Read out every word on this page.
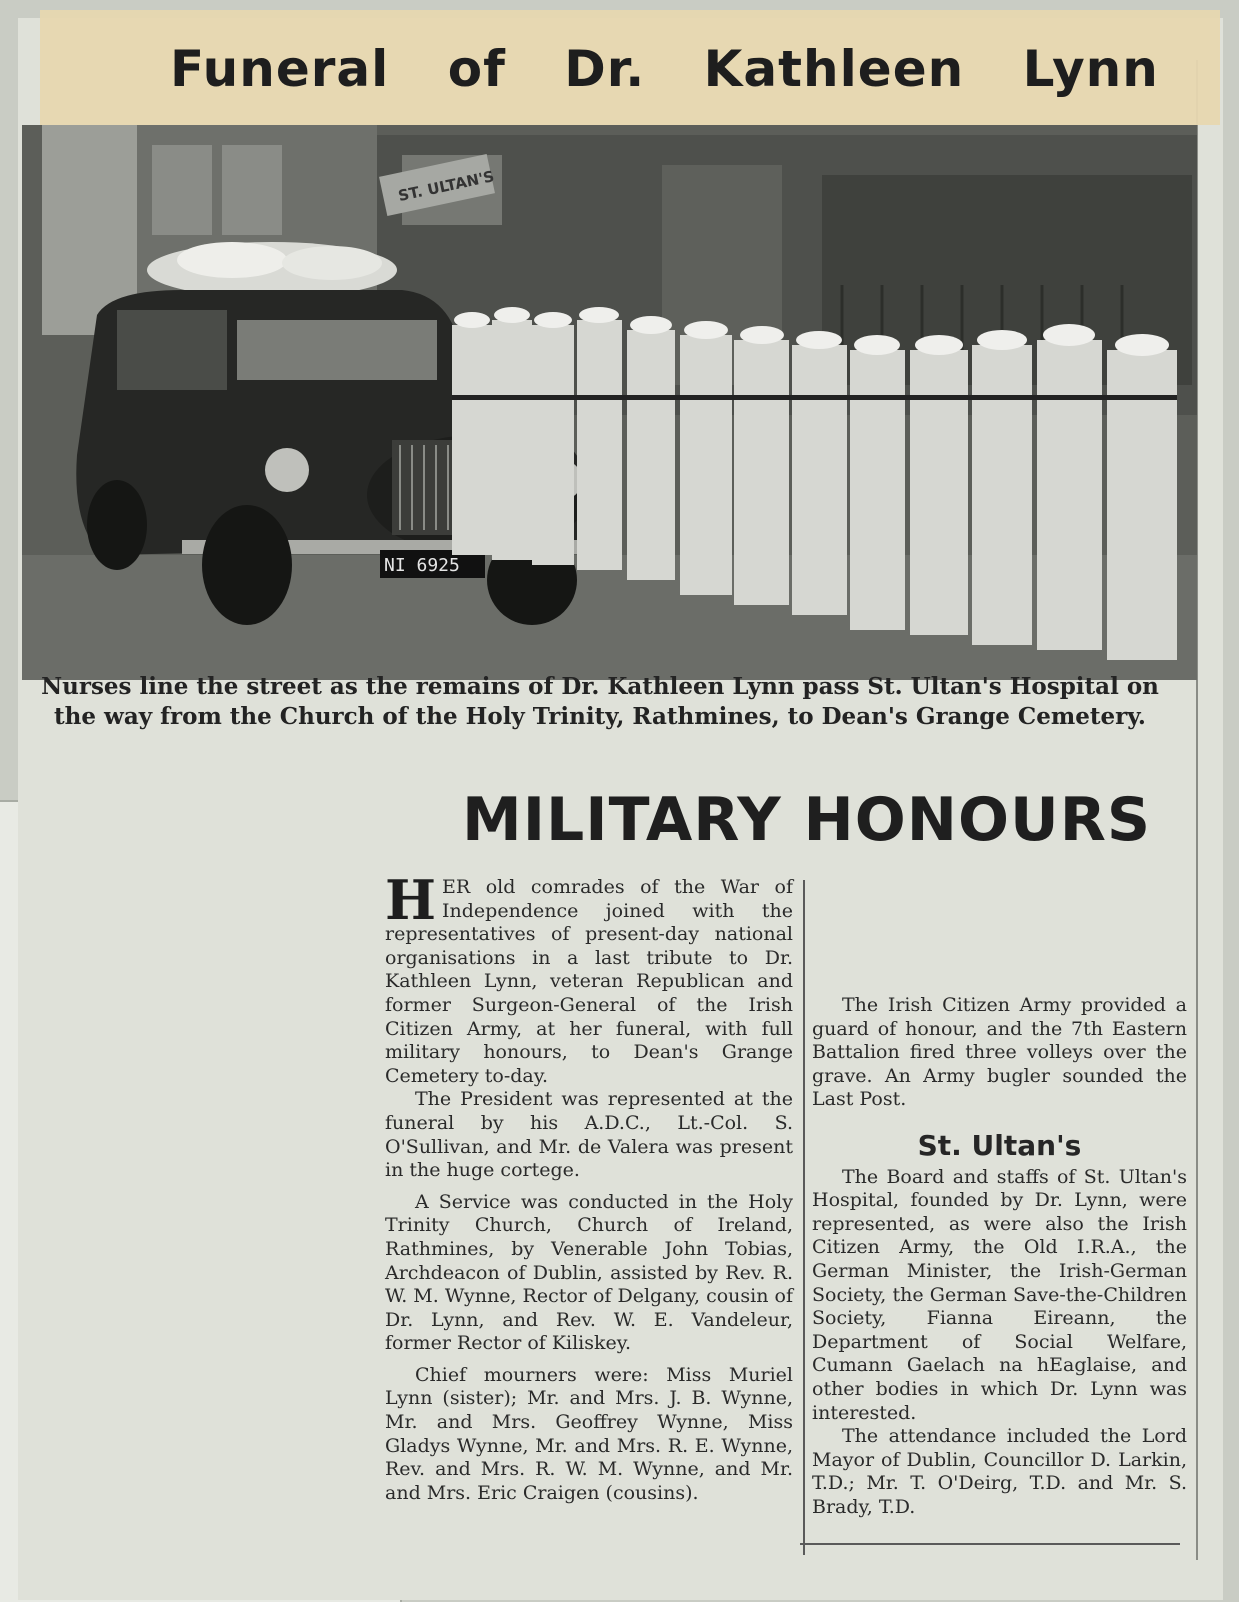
Funeral of Dr. Kathleen Lynn
ST. ULTAN'S
NI 6925
Nurses line the street as the remains of Dr. Kathleen Lynn pass St. Ultan's Hospital on the way from the Church of the Holy Trinity, Rathmines, to Dean's Grange Cemetery.
MILITARY HONOURS

HER old comrades of the War of Independence joined with the representatives of present-day national organisations in a last tribute to Dr. Kathleen Lynn, veteran Republican and former Surgeon-General of the Irish Citizen Army, at her funeral, with full military honours, to Dean's Grange Cemetery to-day.

The President was represented at the funeral by his A.D.C., Lt.-Col. S. O'Sullivan, and Mr. de Valera was present in the huge cortege.

A Service was conducted in the Holy Trinity Church, Church of Ireland, Rathmines, by Venerable John Tobias, Archdeacon of Dublin, assisted by Rev. R. W. M. Wynne, Rector of Delgany, cousin of Dr. Lynn, and Rev. W. E. Vandeleur, former Rector of Kiliskey.

Chief mourners were: Miss Muriel Lynn (sister); Mr. and Mrs. J. B. Wynne, Mr. and Mrs. Geoffrey Wynne, Miss Gladys Wynne, Mr. and Mrs. R. E. Wynne, Rev. and Mrs. R. W. M. Wynne, and Mr. and Mrs. Eric Craigen (cousins).

The Irish Citizen Army provided a guard of honour, and the 7th Eastern Battalion fired three volleys over the grave. An Army bugler sounded the Last Post.

St. Ultan's

The Board and staffs of St. Ultan's Hospital, founded by Dr. Lynn, were represented, as were also the Irish Citizen Army, the Old I.R.A., the German Minister, the Irish-German Society, the German Save-the-Children Society, Fianna Eireann, the Department of Social Welfare, Cumann Gaelach na hEaglaise, and other bodies in which Dr. Lynn was interested.

The attendance included the Lord Mayor of Dublin, Councillor D. Larkin, T.D.; Mr. T. O'Deirg, T.D. and Mr. S. Brady, T.D.
